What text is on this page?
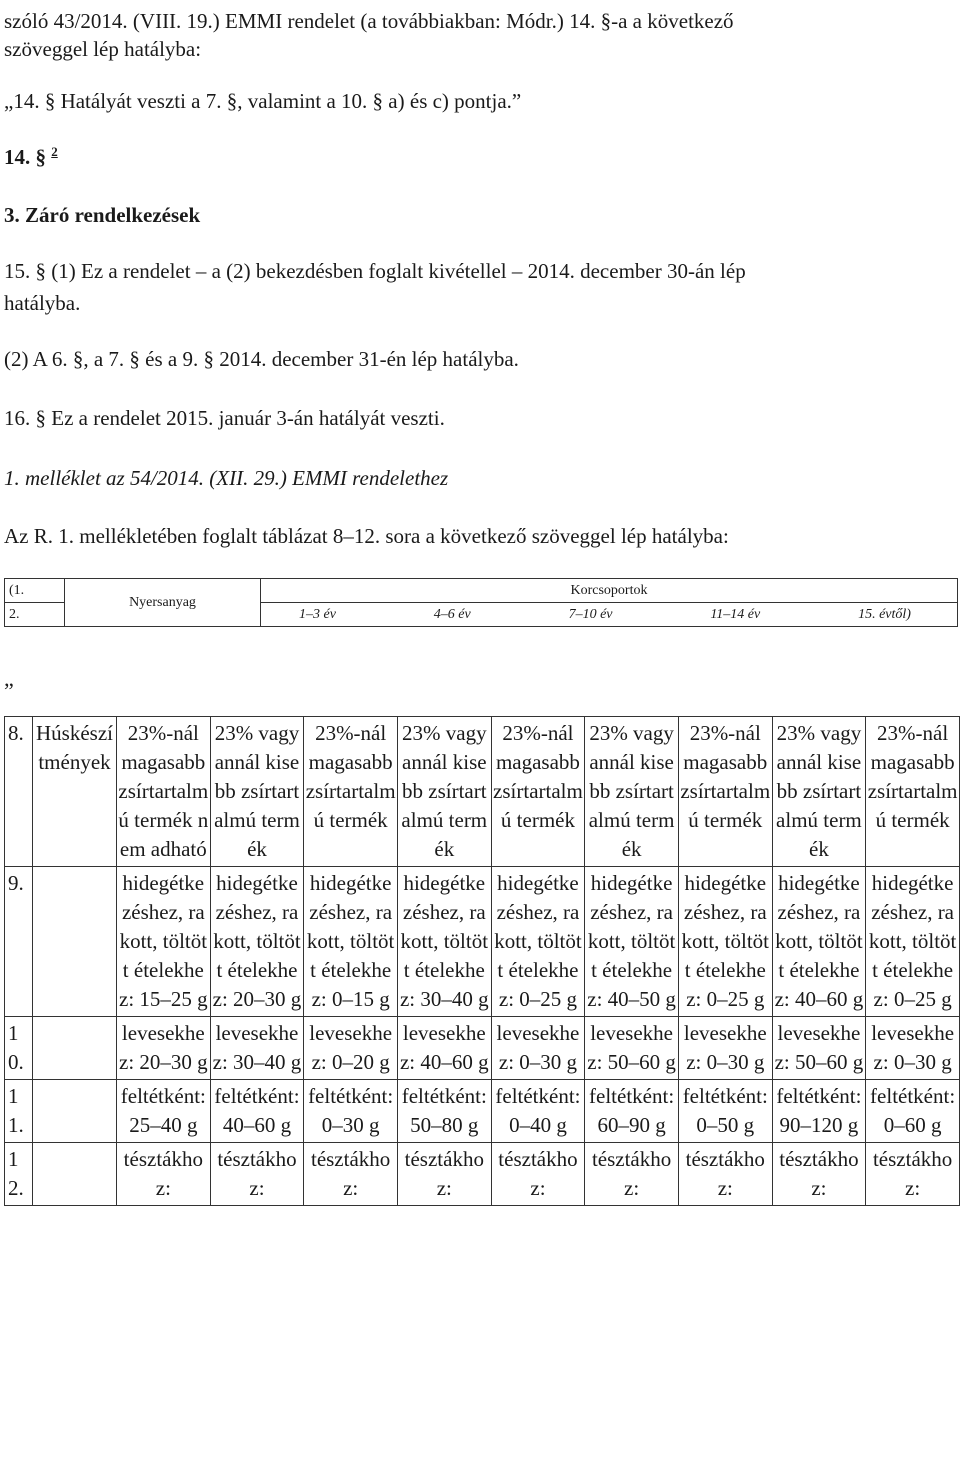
szóló 43/2014. (VIII. 19.) EMMI rendelet (a továbbiakban: Módr.) 14. §-a a következő
szöveggel lép hatályba:
„14. § Hatályát veszti a 7. §, valamint a 10. § a) és c) pontja.”
14. § $^2$
3. Záró rendelkezések
15. § (1) Ez a rendelet – a (2) bekezdésben foglalt kivétellel – 2014. december 30-án lép
hatályba.
(2) A 6. §, a 7. § és a 9. § 2014. december 31-én lép hatályba.
16. § Ez a rendelet 2015. január 3-án hatályát veszti.
1. melléklet az 54/2014. (XII. 29.) EMMI rendelethez
Az R. 1. mellékletében foglalt táblázat 8–12. sora a következő szöveggel lép hatályba:
(1.	Nyersanyag	Korcsoportok
2.		1–3 év 4–6 év 7–10 év 11–14 év 15. évtől)
„
8.	Húskészítmények	23%-nál magasabb zsírtartalmú termék nem adható	23% vagy annál kisebb zsírtartalmú termék	23%-nál magasabb zsírtartalmú termék	23% vagy annál kisebb zsírtartalmú termék	23%-nál magasabb zsírtartalmú termék	23% vagy annál kisebb zsírtartalmú termék	23%-nál magasabb zsírtartalmú termék	23% vagy annál kisebb zsírtartalmú termék	23%-nál magasabb zsírtartalmú termék
9.		hidegétkezéshez, rakott, töltött ételekhez: 15–25 g	hidegétkezéshez, rakott, töltött ételekhez: 20–30 g	hidegétkezéshez, rakott, töltött ételekhez: 0–15 g	hidegétkezéshez, rakott, töltött ételekhez: 30–40 g	hidegétkezéshez, rakott, töltött ételekhez: 0–25 g	hidegétkezéshez, rakott, töltött ételekhez: 40–50 g	hidegétkezéshez, rakott, töltött ételekhez: 0–25 g	hidegétkezéshez, rakott, töltött ételekhez: 40–60 g	hidegétkezéshez, rakott, töltött ételekhez: 0–25 g
10.		levesekhez: 20–30 g	levesekhez: 30–40 g	levesekhez: 0–20 g	levesekhez: 40–60 g	levesekhez: 0–30 g	levesekhez: 50–60 g	levesekhez: 0–30 g	levesekhez: 50–60 g	levesekhez: 0–30 g
11.		feltétként: 25–40 g	feltétként: 40–60 g	feltétként: 0–30 g	feltétként: 50–80 g	feltétként: 0–40 g	feltétként: 60–90 g	feltétként: 0–50 g	feltétként: 90–120 g	feltétként: 0–60 g
12.		tésztákhoz:	tésztákhoz:	tésztákhoz:	tésztákhoz:	tésztákhoz:	tésztákhoz:	tésztákhoz:	tésztákhoz:	tésztákhoz:
